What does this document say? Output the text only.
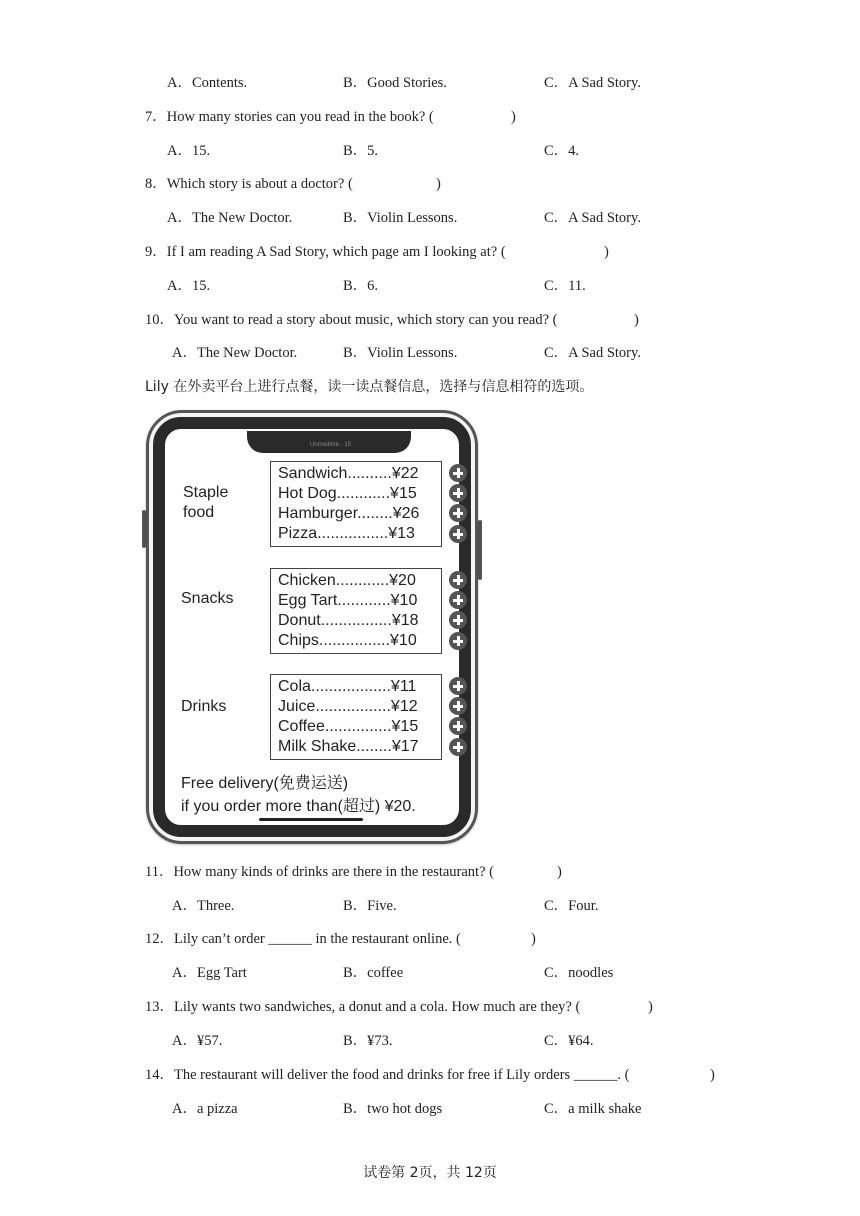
A．Contents.	B．Good Stories.	C．A Sad Story.
7．How many stories can you read in the book? (	)
A．15.	B．5.	C．4.
8．Which story is about a doctor? (	)
A．The New Doctor.	B．Violin Lessons.	C．A Sad Story.
9．If I am reading A Sad Story, which page am I looking at? (	)
A．15.	B．6.	C．11.
10．You want to read a story about music, which story can you read? (	)
A．The New Doctor.	B．Violin Lessons.	C．A Sad Story.
Lily 在外卖平台上进行点餐，读一读点餐信息，选择与信息相符的选项。
Unmedime · 15
Staple food
Sandwich..........¥22
Hot Dog............¥15
Hamburger........¥26
Pizza................¥13
Snacks
Chicken............¥20
Egg Tart............¥10
Donut................¥18
Chips................¥10
Drinks
Cola..................¥11
Juice.................¥12
Coffee...............¥15
Milk Shake........¥17
Free delivery(免费运送)
if you order more than(超过) ¥20.
11．How many kinds of drinks are there in the restaurant? (	)
A．Three.	B．Five.	C．Four.
12．Lily can’t order ______ in the restaurant online. (	)
A．Egg Tart	B．coffee	C．noodles
13．Lily wants two sandwiches, a donut and a cola. How much are they? (	)
A．¥57.	B．¥73.	C．¥64.
14．The restaurant will deliver the food and drinks for free if Lily orders ______. (	)
A．a pizza	B．two hot dogs	C．a milk shake
试卷第 2页，共 12页
